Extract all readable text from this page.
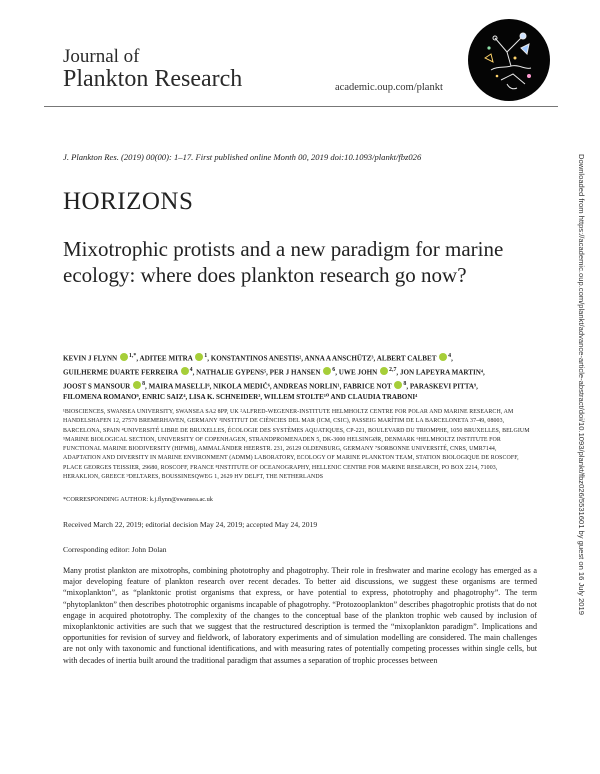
Journal of
Plankton Research	academic.oup.com/plankt
J. Plankton Res. (2019) 00(00): 1–17. First published online Month 00, 2019 doi:10.1093/plankt/fbz026
HORIZONS
Mixotrophic protists and a new paradigm for marine ecology: where does plankton research go now?
KEVIN J FLYNN $^{1,*}$, ADITEE MITRA $^1$, KONSTANTINOS ANESTIS², ANNA A ANSCHÜTZ³, ALBERT CALBET $^4$,
GUILHERME DUARTE FERREIRA $^4$, NATHALIE GYPENS⁵, PER J HANSEN $^6$, UWE JOHN $^{2,7}$, JON LAPEYRA MARTIN⁴,
JOOST S MANSOUR $^8$, MAIRA MASELLI⁶, NIKOLA MEDIĆ⁶, ANDREAS NORLIN¹, FABRICE NOT $^8$, PARASKEVI PITTA⁹,
FILOMENA ROMANO⁹, ENRIC SAIZ⁴, LISA K. SCHNEIDER³, WILLEM STOLTE¹⁰ AND CLAUDIA TRABONI⁴
¹BIOSCIENCES, SWANSEA UNIVERSITY, SWANSEA SA2 8PP, UK ²ALFRED-WEGENER-INSTITUTE HELMHOLTZ CENTRE FOR POLAR AND MARINE RESEARCH, AM HANDELSHAFEN 12, 27570 BREMERHAVEN, GERMANY ³INSTITUT DE CIÈNCIES DEL MAR (ICM, CSIC), PASSEIG MARÍTIM DE LA BARCELONETA 37-49, 08003, BARCELONA, SPAIN ⁴UNIVERSITÉ LIBRE DE BRUXELLES, ÉCOLOGIE DES SYSTÈMES AQUATIQUES, CP-221, BOULEVARD DU TRIOMPHE, 1050 BRUXELLES, BELGIUM ⁵MARINE BIOLOGICAL SECTION, UNIVERSITY OF COPENHAGEN, STRANDPROMENADEN 5, DK-3000 HELSINGØR, DENMARK ⁶HELMHOLTZ INSTITUTE FOR FUNCTIONAL MARINE BIODIVERSITY (HIFMB), AMMALÄNDER HEERSTR. 231, 26129 OLDENBURG, GERMANY ⁷SORBONNE UNIVERSITÉ, CNRS, UMR7144, ADAPTATION AND DIVERSITY IN MARINE ENVIRONMENT (ADMM) LABORATORY, ECOLOGY OF MARINE PLANKTON TEAM, STATION BIOLOGIQUE DE ROSCOFF, PLACE GEORGES TEISSIER, 29680, ROSCOFF, FRANCE ⁸INSTITUTE OF OCEANOGRAPHY, HELLENIC CENTRE FOR MARINE RESEARCH, PO BOX 2214, 71003, HERAKLION, GREECE ⁹DELTARES, BOUSSINESQWEG 1, 2629 HV DELFT, THE NETHERLANDS
*CORRESPONDING AUTHOR: k.j.flynn@swansea.ac.uk
Received March 22, 2019; editorial decision May 24, 2019; accepted May 24, 2019
Corresponding editor: John Dolan
Many protist plankton are mixotrophs, combining phototrophy and phagotrophy. Their role in freshwater and marine ecology has emerged as a major developing feature of plankton research over recent decades. To better aid discussions, we suggest these organisms are termed “mixoplankton”, as “planktonic protist organisms that express, or have potential to express, phototrophy and phagotrophy”. The term “phytoplankton” then describes phototrophic organisms incapable of phagotrophy. “Protozooplankton” describes phagotrophic protists that do not engage in acquired phototrophy. The complexity of the changes to the conceptual base of the plankton trophic web caused by inclusion of mixoplanktonic activities are such that we suggest that the restructured description is termed the “mixoplankton paradigm”. Implications and opportunities for revision of survey and fieldwork, of laboratory experiments and of simulation modelling are considered. The main challenges are not only with taxonomic and functional identifications, and with measuring rates of potentially competing processes within single cells, but with decades of inertia built around the traditional paradigm that assumes a separation of trophic processes between
Downloaded from https://academic.oup.com/plankt/advance-article-abstract/doi/10.1093/plankt/fbz026/5531601 by guest on 16 July 2019
